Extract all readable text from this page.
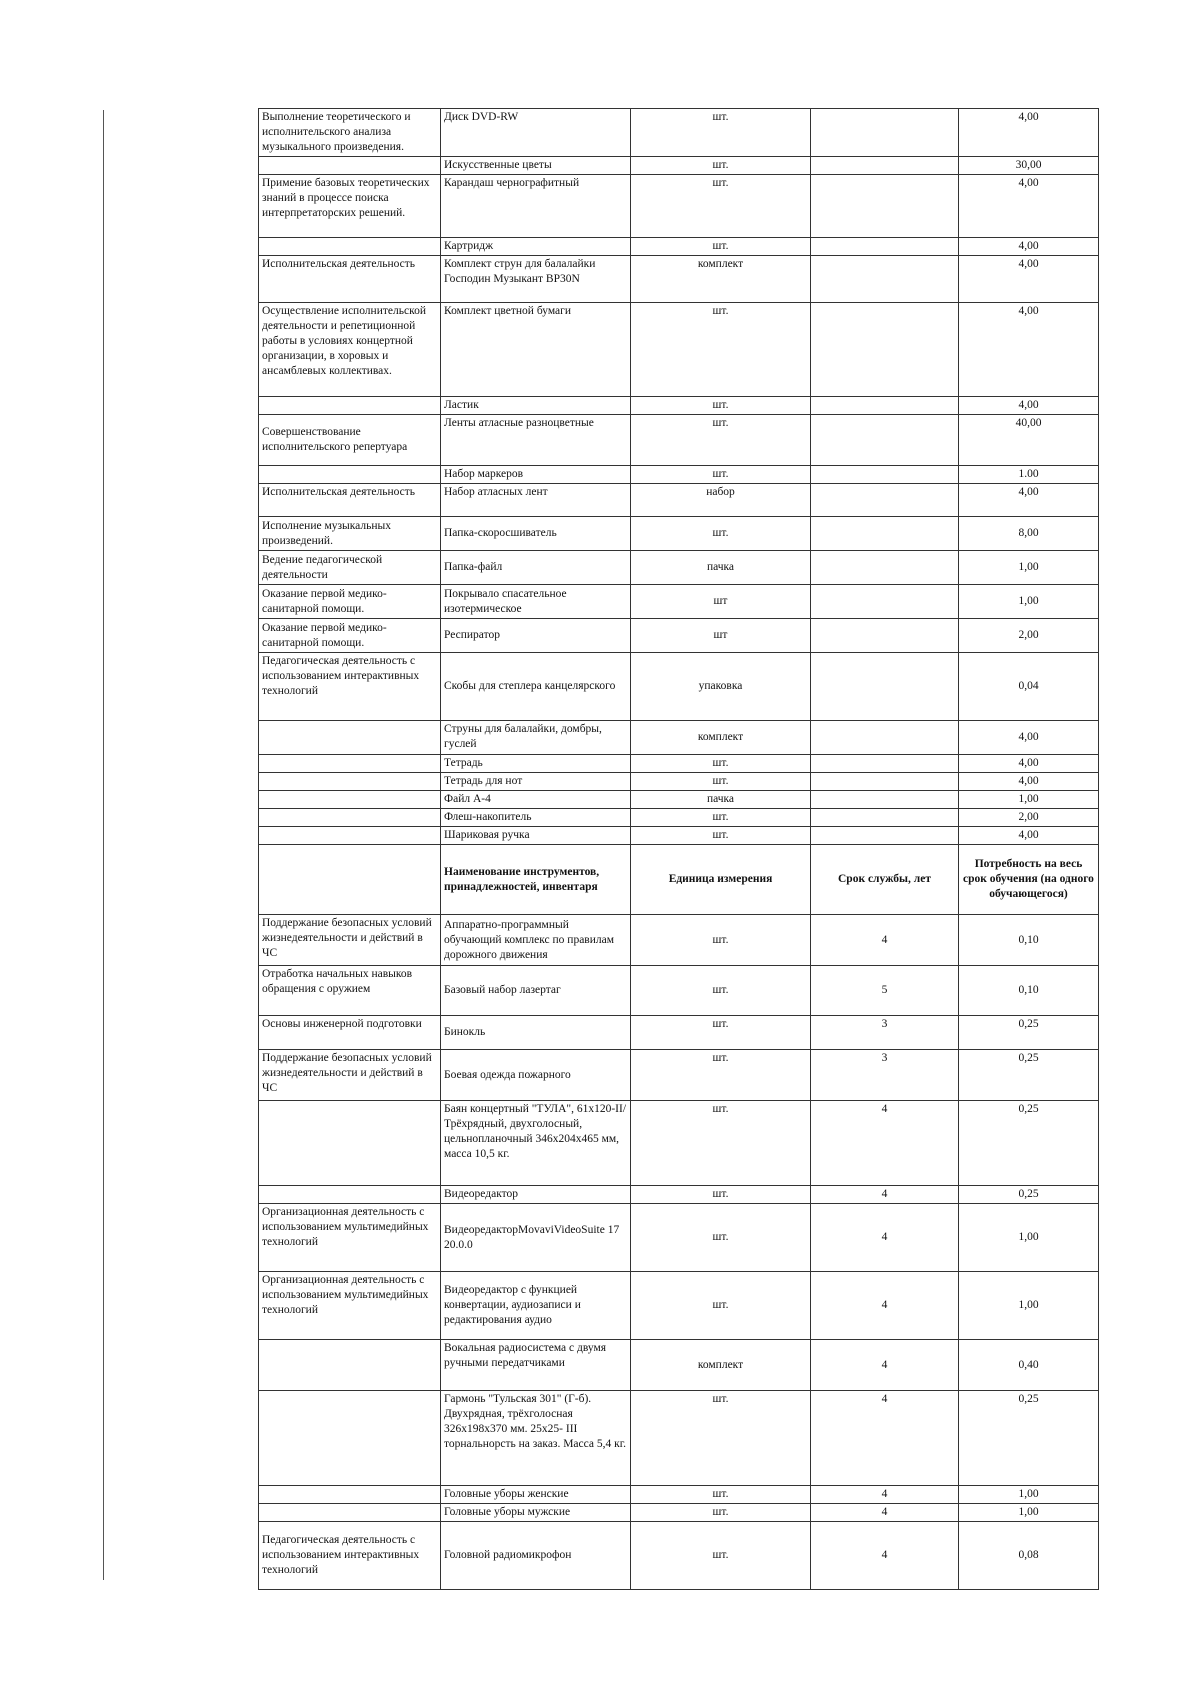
Выполнение теоретического и исполнительского анализа музыкального произведения.	Диск DVD-RW	шт.		4,00
	Искусственные цветы	шт.		30,00
Примение базовых теоретических знаний в процессе поиска интерпретаторских решений.	Карандаш чернографитный	шт.		4,00
	Картридж	шт.		4,00
Исполнительская деятельность	Комплект струн для балалайки Господин Музыкант ВР30N	комплект		4,00
Осуществление исполнительской деятельности и репетиционной работы в условиях концертной организации, в хоровых и ансамблевых коллективах.	Комплект цветной бумаги	шт.		4,00
	Ластик	шт.		4,00
Совершенствование исполнительского репертуара	Ленты атласные разноцветные	шт.		40,00
	Набор маркеров	шт.		1.00
Исполнительская деятельность	Набор атласных лент	набор		4,00
Исполнение музыкальных произведений.	Папка-скоросшиватель	шт.		8,00
Ведение педагогической деятельности	Папка-файл	пачка		1,00
Оказание первой медико-санитарной помощи.	Покрывало спасательное изотермическое	шт		1,00
Оказание первой медико-санитарной помощи.	Респиратор	шт		2,00
Педагогическая деятельность с использованием интерактивных технологий	Скобы для степлера канцелярского	упаковка		0,04
	Струны для балалайки, домбры, гуслей	комплект		4,00
	Тетрадь	шт.		4,00
	Тетрадь для нот	шт.		4,00
	Файл А-4	пачка		1,00
	Флеш-накопитель	шт.		2,00
	Шариковая ручка	шт.		4,00
	Наименование инструментов, принадлежностей, инвентаря	Единица измерения	Срок службы, лет	Потребность на весь срок обучения (на одного обучающегося)
Поддержание безопасных условий жизнедеятельности и действий в ЧС	Аппаратно-программный обучающий комплекс по правилам дорожного движения	шт.	4	0,10
Отработка начальных навыков обращения с оружием	Базовый набор лазертаг	шт.	5	0,10
Основы инженерной подготовки	Бинокль	шт.	3	0,25
Поддержание безопасных условий жизнедеятельности и действий в ЧС	Боевая одежда пожарного	шт.	3	0,25
	Баян концертный "ТУЛА", 61х120-II/ Трёхрядный, двухголосный, цельнопланочный 346х204х465 мм, масса 10,5 кг.	шт.	4	0,25
	Видеоредактор	шт.	4	0,25
Организационная деятельность с использованием мультимедийных технологий	ВидеоредакторMovaviVideoSuite 17 20.0.0	шт.	4	1,00
Организационная деятельность с использованием мультимедийных технологий	Видеоредактор с функцией конвертации, аудиозаписи и редактирования аудио	шт.	4	1,00
	Вокальная радиосистема с двумя ручными передатчиками	комплект	4	0,40
	Гармонь "Тульская 301" (Г-б). Двухрядная, трёхголосная 326х198х370 мм. 25х25- III торнальнорсть на заказ. Масса 5,4 кг.	шт.	4	0,25
	Головные уборы женские	шт.	4	1,00
	Головные уборы мужские	шт.	4	1,00
Педагогическая деятельность с использованием интерактивных технологий	Головной радиомикрофон	шт.	4	0,08
